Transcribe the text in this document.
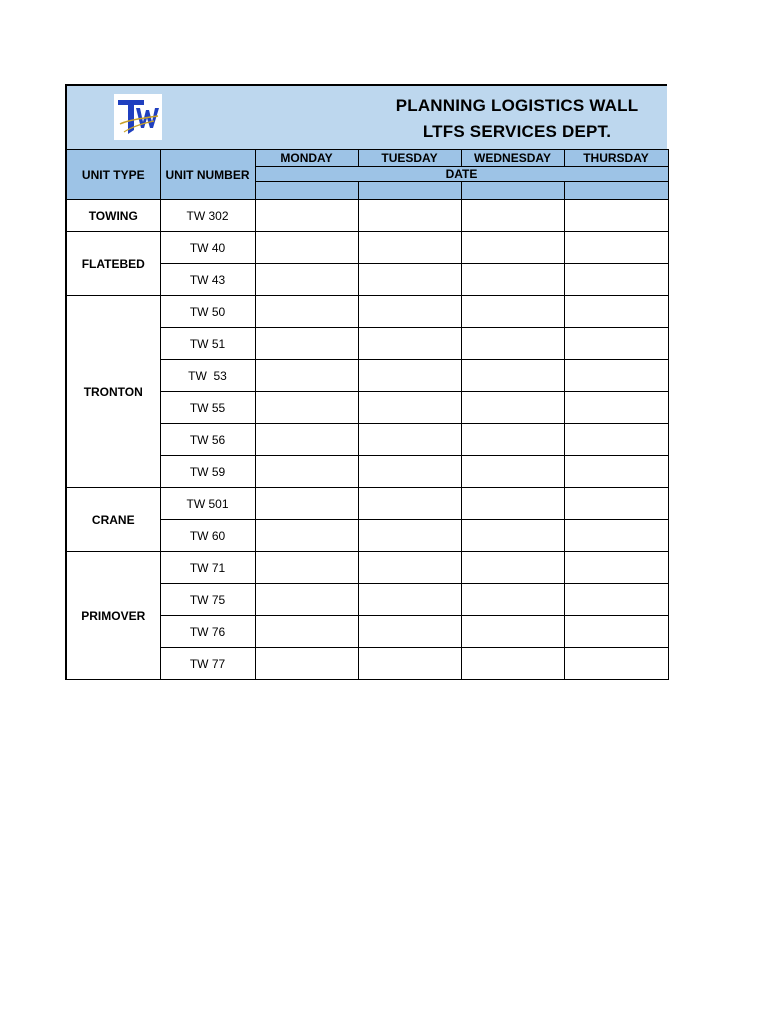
PLANNING LOGISTICS WALL
LTFS SERVICES DEPT.
UNIT TYPE	UNIT NUMBER	MONDAY	TUESDAY	WEDNESDAY	THURSDAY
		DATE			

TOWING	TW 302				
FLATEBED	TW 40				
	TW 43				
TRONTON	TW 50				
	TW 51				
	TW  53				
	TW 55				
	TW 56				
	TW 59				
CRANE	TW 501				
	TW 60				
PRIMOVER	TW 71				
	TW 75				
	TW 76				
	TW 77				
